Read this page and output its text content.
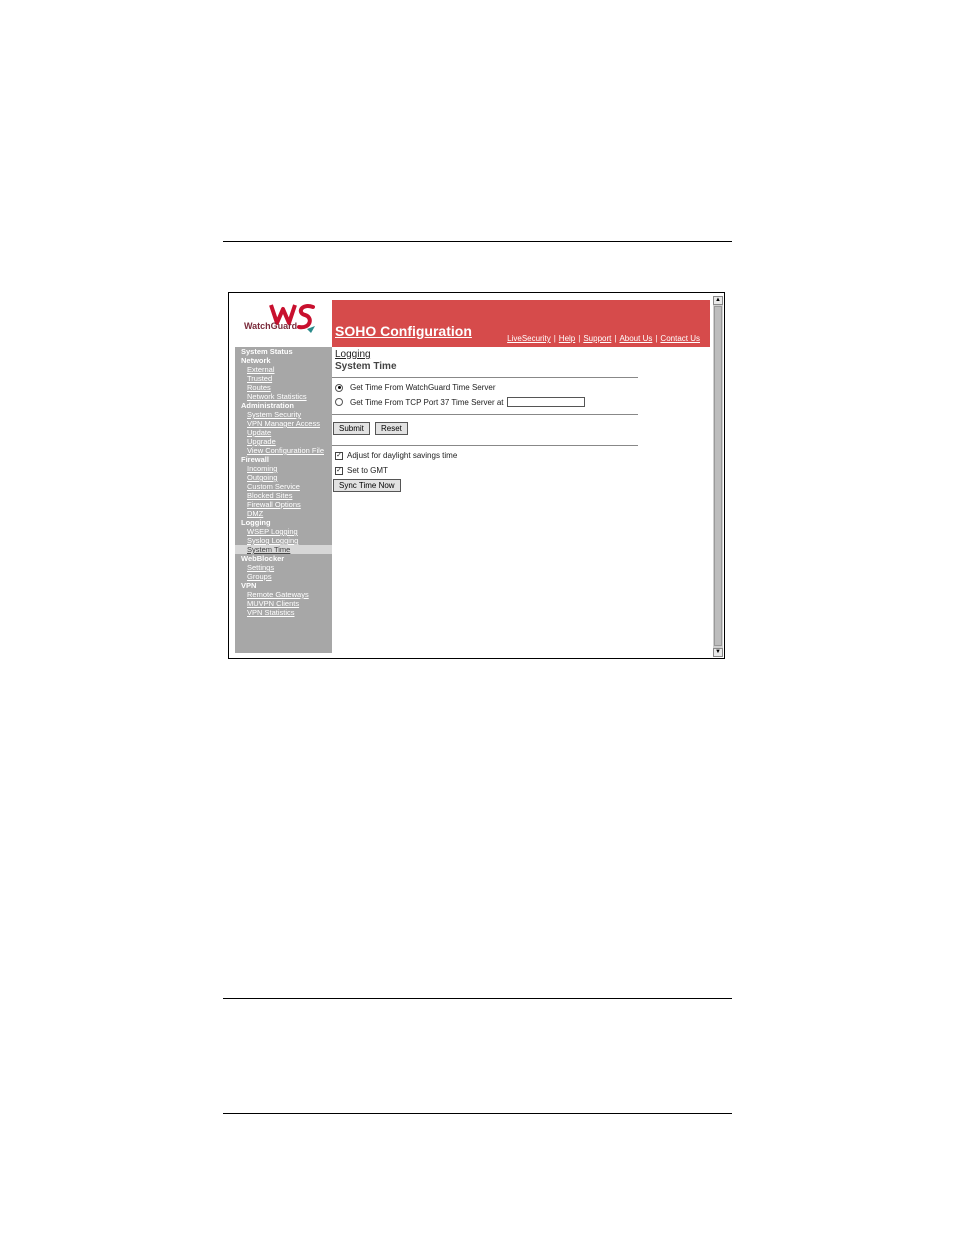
WatchGuard	SOHO Configuration	LiveSecurity | Help | Support | About Us | Contact Us
System Status
Network
External
Trusted
Routes
Network Statistics
Administration
System Security
VPN Manager Access
Update
Upgrade
View Configuration File
Firewall
Incoming
Outgoing
Custom Service
Blocked Sites
Firewall Options
DMZ
Logging
WSEP Logging
Syslog Logging
System Time
WebBlocker
Settings
Groups
VPN
Remote Gateways
MUVPN Clients
VPN Statistics
Logging
System Time
Get Time From WatchGuard Time Server
Get Time From TCP Port 37 Time Server at
Submit	Reset
✓ Adjust for daylight savings time
✓ Set to GMT
Sync Time Now
▲
▼
